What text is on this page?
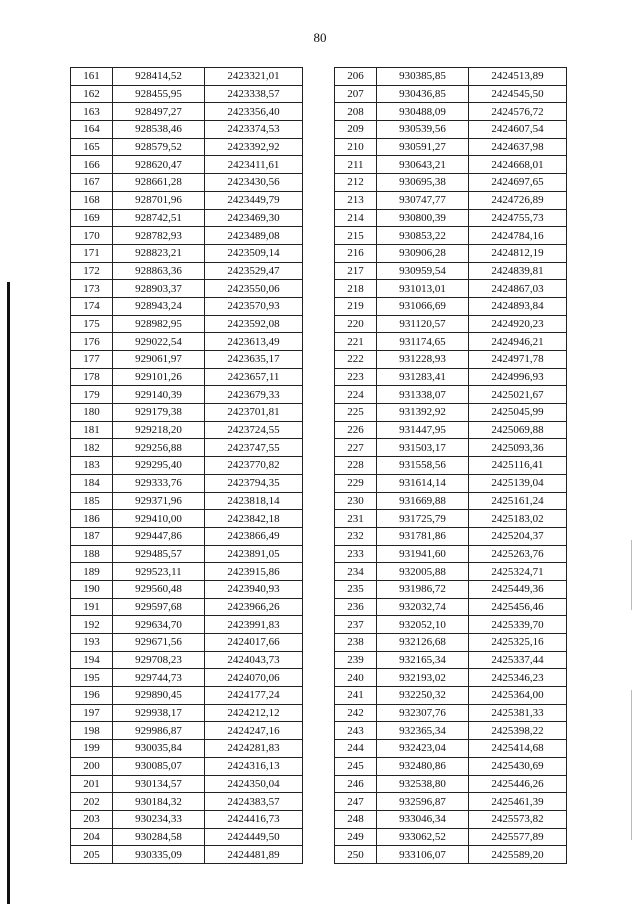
80
161	928414,52	2423321,01
162	928455,95	2423338,57
163	928497,27	2423356,40
164	928538,46	2423374,53
165	928579,52	2423392,92
166	928620,47	2423411,61
167	928661,28	2423430,56
168	928701,96	2423449,79
169	928742,51	2423469,30
170	928782,93	2423489,08
171	928823,21	2423509,14
172	928863,36	2423529,47
173	928903,37	2423550,06
174	928943,24	2423570,93
175	928982,95	2423592,08
176	929022,54	2423613,49
177	929061,97	2423635,17
178	929101,26	2423657,11
179	929140,39	2423679,33
180	929179,38	2423701,81
181	929218,20	2423724,55
182	929256,88	2423747,55
183	929295,40	2423770,82
184	929333,76	2423794,35
185	929371,96	2423818,14
186	929410,00	2423842,18
187	929447,86	2423866,49
188	929485,57	2423891,05
189	929523,11	2423915,86
190	929560,48	2423940,93
191	929597,68	2423966,26
192	929634,70	2423991,83
193	929671,56	2424017,66
194	929708,23	2424043,73
195	929744,73	2424070,06
196	929890,45	2424177,24
197	929938,17	2424212,12
198	929986,87	2424247,16
199	930035,84	2424281,83
200	930085,07	2424316,13
201	930134,57	2424350,04
202	930184,32	2424383,57
203	930234,33	2424416,73
204	930284,58	2424449,50
205	930335,09	2424481,89
206	930385,85	2424513,89
207	930436,85	2424545,50
208	930488,09	2424576,72
209	930539,56	2424607,54
210	930591,27	2424637,98
211	930643,21	2424668,01
212	930695,38	2424697,65
213	930747,77	2424726,89
214	930800,39	2424755,73
215	930853,22	2424784,16
216	930906,28	2424812,19
217	930959,54	2424839,81
218	931013,01	2424867,03
219	931066,69	2424893,84
220	931120,57	2424920,23
221	931174,65	2424946,21
222	931228,93	2424971,78
223	931283,41	2424996,93
224	931338,07	2425021,67
225	931392,92	2425045,99
226	931447,95	2425069,88
227	931503,17	2425093,36
228	931558,56	2425116,41
229	931614,14	2425139,04
230	931669,88	2425161,24
231	931725,79	2425183,02
232	931781,86	2425204,37
233	931941,60	2425263,76
234	932005,88	2425324,71
235	931986,72	2425449,36
236	932032,74	2425456,46
237	932052,10	2425339,70
238	932126,68	2425325,16
239	932165,34	2425337,44
240	932193,02	2425346,23
241	932250,32	2425364,00
242	932307,76	2425381,33
243	932365,34	2425398,22
244	932423,04	2425414,68
245	932480,86	2425430,69
246	932538,80	2425446,26
247	932596,87	2425461,39
248	933046,34	2425573,82
249	933062,52	2425577,89
250	933106,07	2425589,20
